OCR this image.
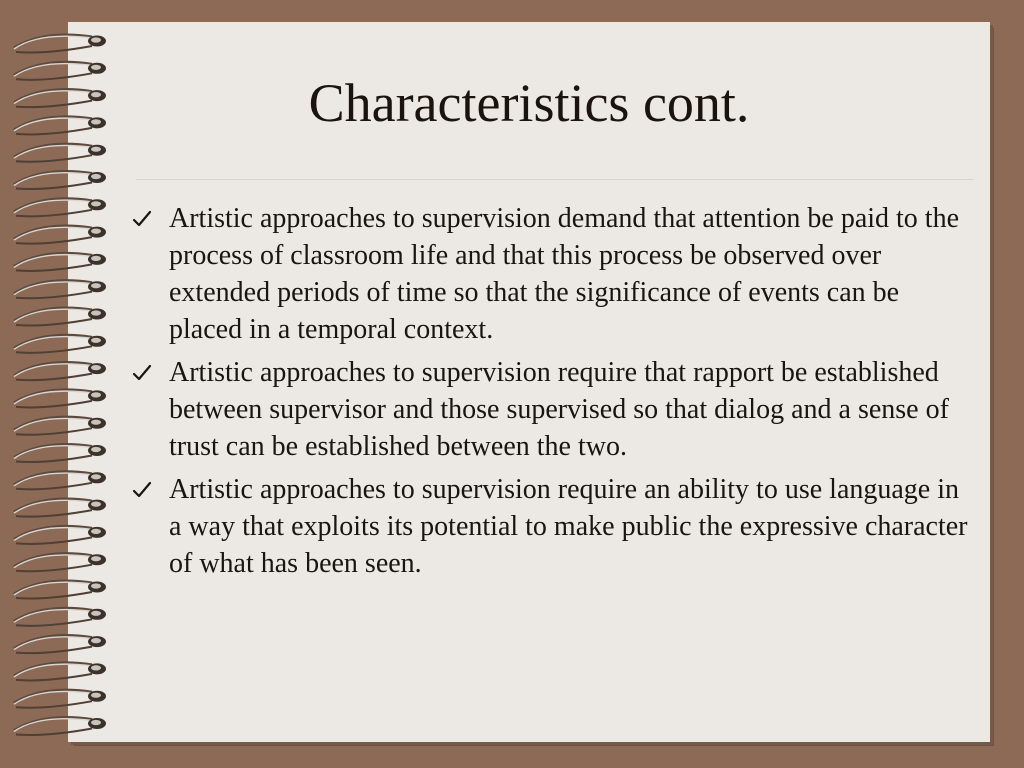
Characteristics cont.
Artistic approaches to supervision demand that attention be paid to the process of classroom life and that this process be observed over extended periods of time so that the significance of events can be placed in a temporal context.
Artistic approaches to supervision require that rapport be established between supervisor and those supervised so that dialog and a sense of trust can be established between the two.
Artistic approaches to supervision require an ability to use language in a way that exploits its potential to make public the expressive character of what has been seen.
